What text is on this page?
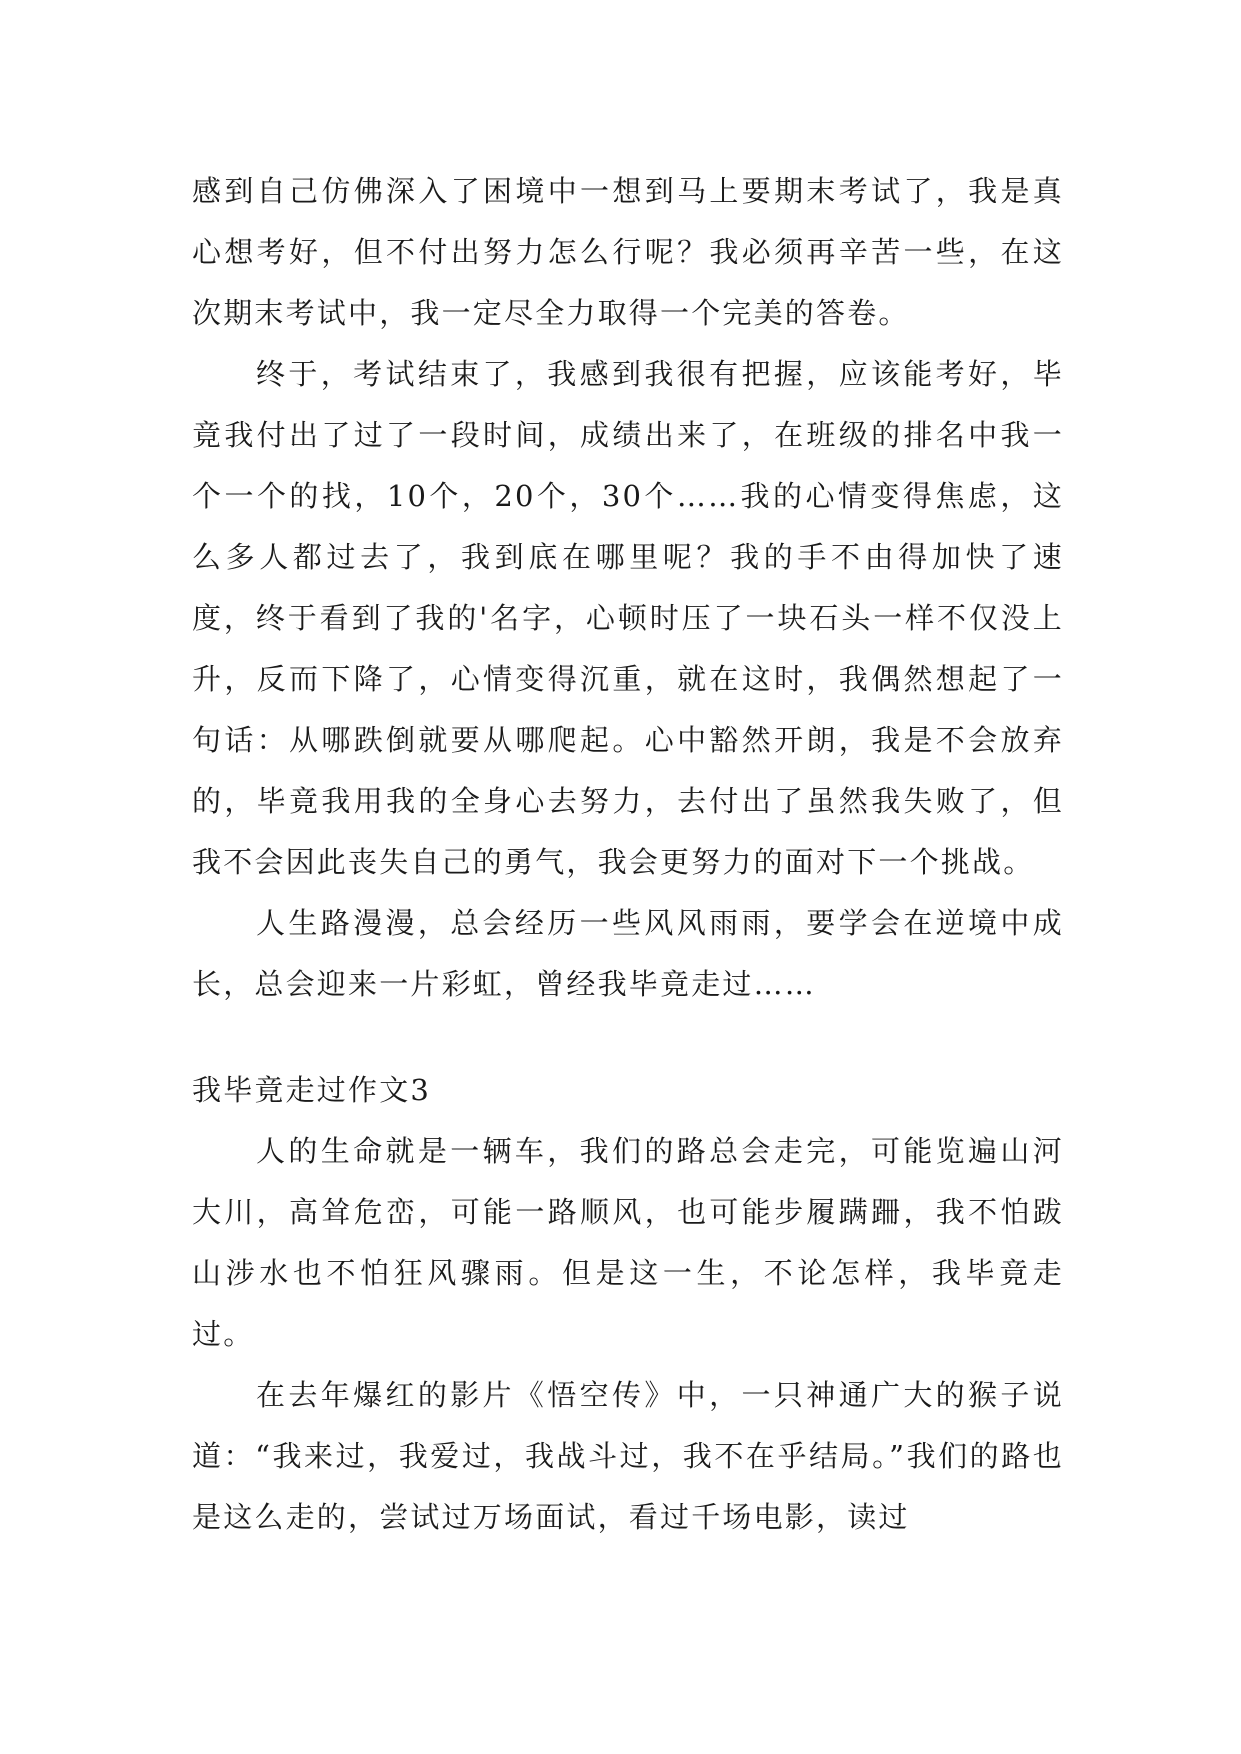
感到自己仿佛深入了困境中一想到马上要期末考试了，我是真心想考好，但不付出努力怎么行呢？我必须再辛苦一些，在这次期末考试中，我一定尽全力取得一个完美的答卷。

终于，考试结束了，我感到我很有把握，应该能考好，毕竟我付出了过了一段时间，成绩出来了，在班级的排名中我一个一个的找，10个，20个，30个……我的心情变得焦虑，这么多人都过去了，我到底在哪里呢？我的手不由得加快了速度，终于看到了我的'名字，心顿时压了一块石头一样不仅没上升，反而下降了，心情变得沉重，就在这时，我偶然想起了一句话：从哪跌倒就要从哪爬起。心中豁然开朗，我是不会放弃的，毕竟我用我的全身心去努力，去付出了虽然我失败了，但我不会因此丧失自己的勇气，我会更努力的面对下一个挑战。

人生路漫漫，总会经历一些风风雨雨，要学会在逆境中成长，总会迎来一片彩虹，曾经我毕竟走过……

我毕竟走过作文3

人的生命就是一辆车，我们的路总会走完，可能览遍山河大川，高耸危峦，可能一路顺风，也可能步履蹒跚，我不怕跋山涉水也不怕狂风骤雨。但是这一生，不论怎样，我毕竟走过。

在去年爆红的影片《悟空传》中，一只神通广大的猴子说道：“我来过，我爱过，我战斗过，我不在乎结局。”我们的路也是这么走的，尝试过万场面试，看过千场电影，读过
